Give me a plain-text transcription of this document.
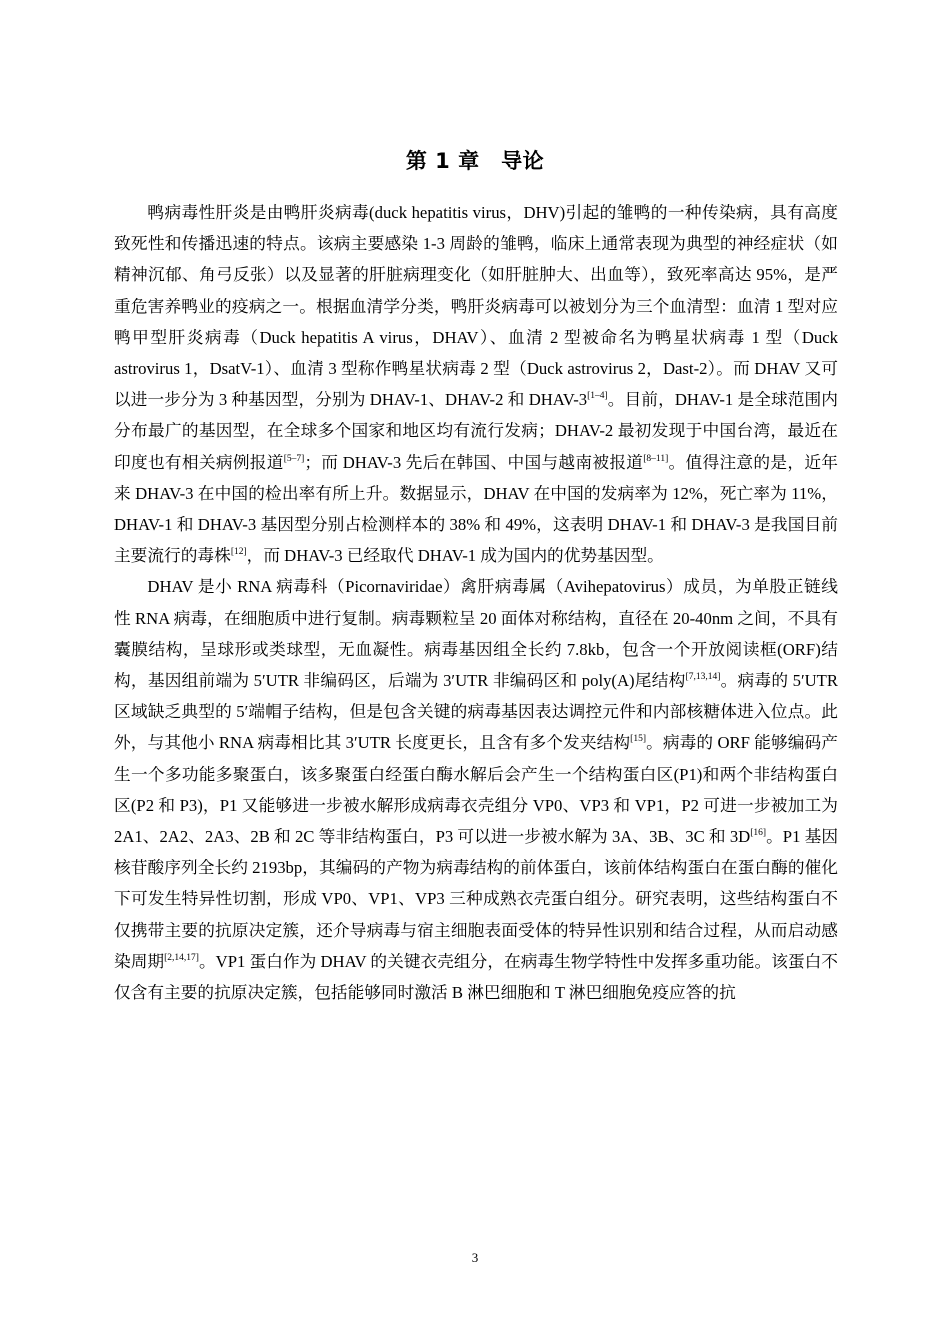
第 1 章　导论

鸭病毒性肝炎是由鸭肝炎病毒(duck hepatitis virus，DHV)引起的雏鸭的一种传染病，具有高度致死性和传播迅速的特点。该病主要感染 1-3 周龄的雏鸭，临床上通常表现为典型的神经症状（如精神沉郁、角弓反张）以及显著的肝脏病理变化（如肝脏肿大、出血等），致死率高达 95%，是严重危害养鸭业的疫病之一。根据血清学分类，鸭肝炎病毒可以被划分为三个血清型：血清 1 型对应鸭甲型肝炎病毒（Duck hepatitis A virus，DHAV）、血清 2 型被命名为鸭星状病毒 1 型（Duck astrovirus 1，DsatV-1）、血清 3 型称作鸭星状病毒 2 型（Duck astrovirus 2，Dast-2）。而 DHAV 又可以进一步分为 3 种基因型，分别为 DHAV-1、DHAV-2 和 DHAV-3[1–4]。目前，DHAV-1 是全球范围内分布最广的基因型，在全球多个国家和地区均有流行发病；DHAV-2 最初发现于中国台湾，最近在印度也有相关病例报道[5–7]；而 DHAV-3 先后在韩国、中国与越南被报道[8–11]。值得注意的是，近年来 DHAV-3 在中国的检出率有所上升。数据显示，DHAV 在中国的发病率为 12%，死亡率为 11%，DHAV-1 和 DHAV-3 基因型分别占检测样本的 38% 和 49%，这表明 DHAV-1 和 DHAV-3 是我国目前主要流行的毒株[12]，而 DHAV-3 已经取代 DHAV-1 成为国内的优势基因型。

DHAV 是小 RNA 病毒科（Picornaviridae）禽肝病毒属（Avihepatovirus）成员，为单股正链线性 RNA 病毒，在细胞质中进行复制。病毒颗粒呈 20 面体对称结构，直径在 20-40nm 之间，不具有囊膜结构，呈球形或类球型，无血凝性。病毒基因组全长约 7.8kb，包含一个开放阅读框(ORF)结构，基因组前端为 5′UTR 非编码区，后端为 3′UTR 非编码区和 poly(A)尾结构[7,13,14]。病毒的 5′UTR 区域缺乏典型的 5′端帽子结构，但是包含关键的病毒基因表达调控元件和内部核糖体进入位点。此外，与其他小 RNA 病毒相比其 3′UTR 长度更长，且含有多个发夹结构[15]。病毒的 ORF 能够编码产生一个多功能多聚蛋白，该多聚蛋白经蛋白酶水解后会产生一个结构蛋白区(P1)和两个非结构蛋白区(P2 和 P3)，P1 又能够进一步被水解形成病毒衣壳组分 VP0、VP3 和 VP1，P2 可进一步被加工为 2A1、2A2、2A3、2B 和 2C 等非结构蛋白，P3 可以进一步被水解为 3A、3B、3C 和 3D[16]。P1 基因核苷酸序列全长约 2193bp，其编码的产物为病毒结构的前体蛋白，该前体结构蛋白在蛋白酶的催化下可发生特异性切割，形成 VP0、VP1、VP3 三种成熟衣壳蛋白组分。研究表明，这些结构蛋白不仅携带主要的抗原决定簇，还介导病毒与宿主细胞表面受体的特异性识别和结合过程，从而启动感染周期[2,14,17]。VP1 蛋白作为 DHAV 的关键衣壳组分，在病毒生物学特性中发挥多重功能。该蛋白不仅含有主要的抗原决定簇，包括能够同时激活 B 淋巴细胞和 T 淋巴细胞免疫应答的抗

3
